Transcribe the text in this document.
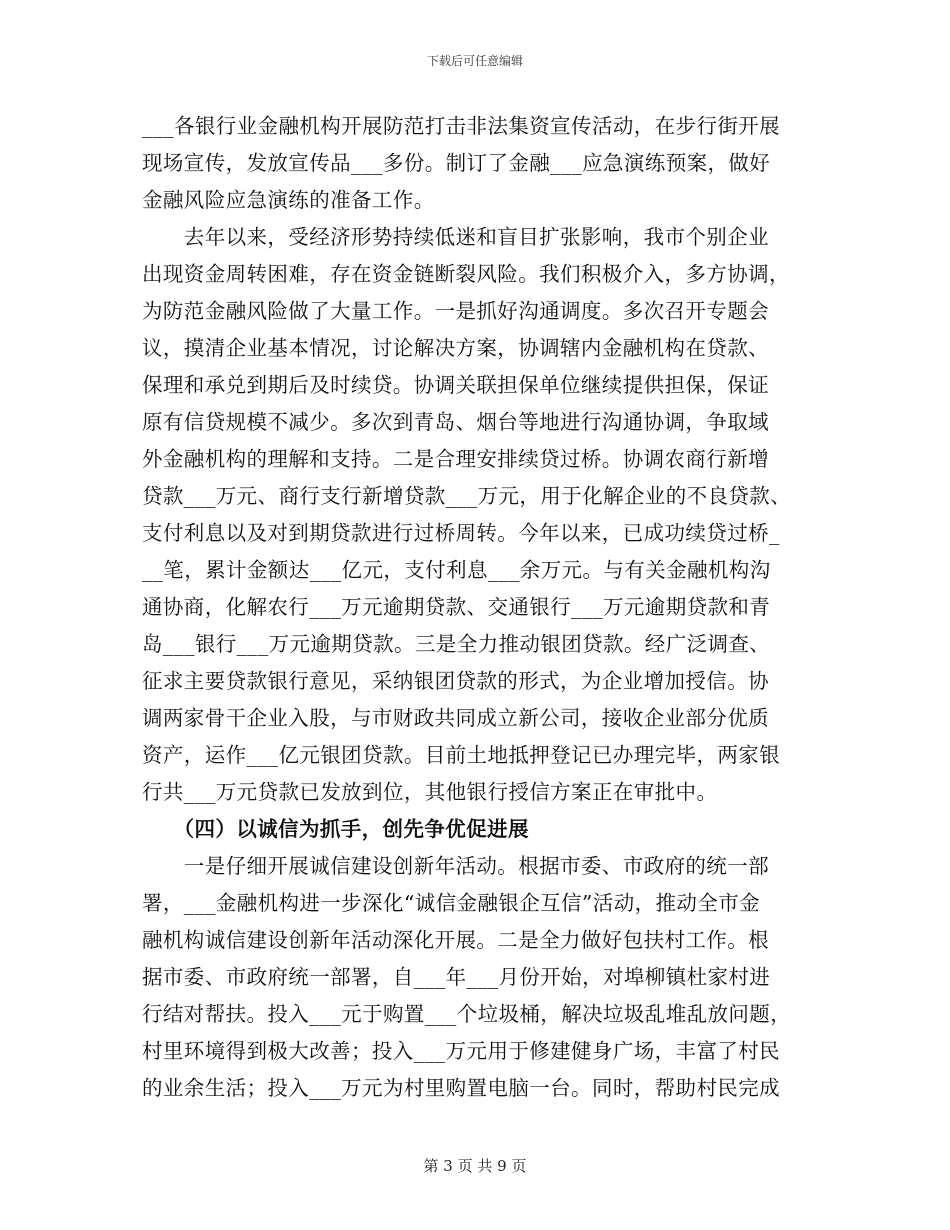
下载后可任意编辑
___各银行业金融机构开展防范打击非法集资宣传活动，在步行街开展
现场宣传，发放宣传品___多份。制订了金融___应急演练预案，做好
金融风险应急演练的准备工作。
　　去年以来，受经济形势持续低迷和盲目扩张影响，我市个别企业
出现资金周转困难，存在资金链断裂风险。我们积极介入，多方协调，
为防范金融风险做了大量工作。一是抓好沟通调度。多次召开专题会
议，摸清企业基本情况，讨论解决方案，协调辖内金融机构在贷款、
保理和承兑到期后及时续贷。协调关联担保单位继续提供担保，保证
原有信贷规模不减少。多次到青岛、烟台等地进行沟通协调，争取域
外金融机构的理解和支持。二是合理安排续贷过桥。协调农商行新增
贷款___万元、商行支行新增贷款___万元，用于化解企业的不良贷款、
支付利息以及对到期贷款进行过桥周转。今年以来，已成功续贷过桥_
__笔，累计金额达___亿元，支付利息___余万元。与有关金融机构沟
通协商，化解农行___万元逾期贷款、交通银行___万元逾期贷款和青
岛___银行___万元逾期贷款。三是全力推动银团贷款。经广泛调查、
征求主要贷款银行意见，采纳银团贷款的形式，为企业增加授信。协
调两家骨干企业入股，与市财政共同成立新公司，接收企业部分优质
资产，运作___亿元银团贷款。目前土地抵押登记已办理完毕，两家银
行共___万元贷款已发放到位，其他银行授信方案正在审批中。
　　（四）以诚信为抓手，创先争优促进展
　　一是仔细开展诚信建设创新年活动。根据市委、市政府的统一部
署，___金融机构进一步深化“诚信金融银企互信”活动，推动全市金
融机构诚信建设创新年活动深化开展。二是全力做好包扶村工作。根
据市委、市政府统一部署，自___年___月份开始，对埠柳镇杜家村进
行结对帮扶。投入___元于购置___个垃圾桶，解决垃圾乱堆乱放问题，
村里环境得到极大改善；投入___万元用于修建健身广场，丰富了村民
的业余生活；投入___万元为村里购置电脑一台。同时，帮助村民完成
第 3 页 共 9 页
